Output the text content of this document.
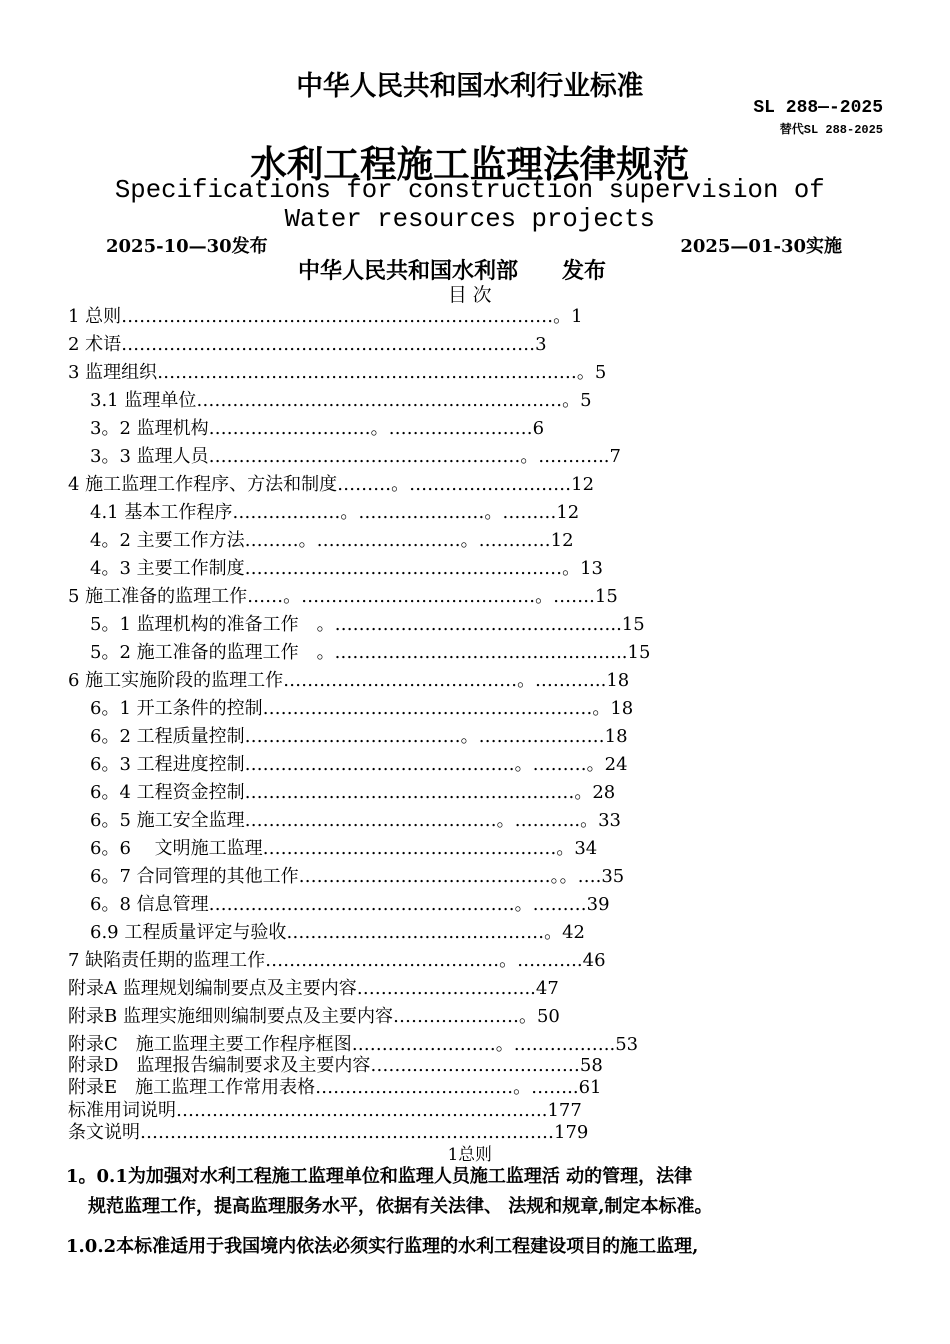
中华人民共和国水利行业标准
SL 288—-2025
替代SL 288-2025
水利工程施工监理法律规范
Specifications for construction supervision of
Water resources projects
2025-10—30发布	2025—01-30实施
中华人民共和国水利部　　发布
目 次
1 总则………………………………………………………………。1
2 术语……………………………………………………………3
3 监理组织………………………………………………….…………。5
3.1 监理单位……………………………………….……………。5
3。2 监理机构………………………。……………………6
3。3 监理人员…………………………….………………。.………..7
4 施工监理工作程序、方法和制度………。………………………12
4.1 基本工作程序………………。…………………。………12
4。2 主要工作方法………。……………………。…………12
4。3 主要工作制度…………….……………………….………。13
5 施工准备的监理工作……。…………………………………。…….15
5。1 监理机构的准备工作　。……………………………….………..15
5。2 施工准备的监理工作　。.…………………………….…………..15
6 施工实施阶段的监理工作…………………………………。.………..18
6。1 开工条件的控制……………………………………….………。18
6。2 工程质量控制………………………………。…………………18
6。3 工程进度控制………………………………………。………。24
6。4 工程资金控制……………………………………….………。28
6。5 施工安全监理……………………………………。………..。33
6。6　 文明施工监理…………………………………….……。34
6。7 合同管理的其他工作……………………………………。。….35
6。8 信息管理……………………………………………。………39
6.9 工程质量评定与验收……………………….……………。42
7 缺陷责任期的监理工作…………………………………。………..46
附录A 监理规划编制要点及主要内容………….……………..47
附录B 监理实施细则编制要点及主要内容…………………。50
附录C　施工监理主要工作程序框图……………………。……………..53
附录D　监理报告编制要求及主要内容……..………………………58
附录E　施工监理工作常用表格……………………………。……..61
标准用词说明……………………………………………………..177
条文说明……………………………………………………………179
1总则
1。0.1为加强对水利工程施工监理单位和监理人员施工监理活 动的管理，法律
规范监理工作，提高监理服务水平，依据有关法律、 法规和规章,制定本标准。
1.0.2本标准适用于我国境内依法必须实行监理的水利工程建设项目的施工监理,
